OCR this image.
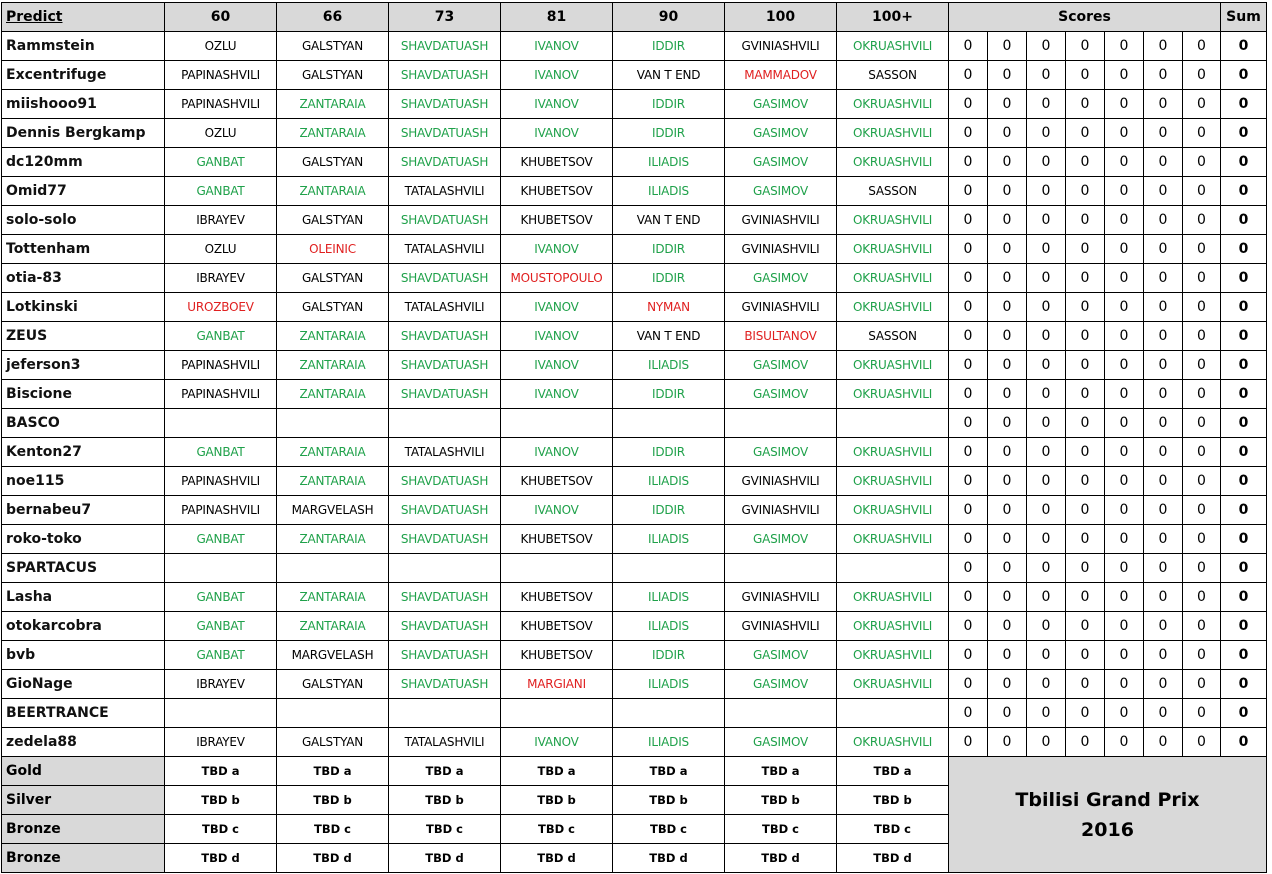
Predict	60	66	73	81	90	100	100+	Scores							Sum
Rammstein	OZLU	GALSTYAN	SHAVDATUASH	IVANOV	IDDIR	GVINIASHVILI	OKRUASHVILI	0	0	0	0	0	0	0	0
Excentrifuge	PAPINASHVILI	GALSTYAN	SHAVDATUASH	IVANOV	VAN T END	MAMMADOV	SASSON	0	0	0	0	0	0	0	0
miishooo91	PAPINASHVILI	ZANTARAIA	SHAVDATUASH	IVANOV	IDDIR	GASIMOV	OKRUASHVILI	0	0	0	0	0	0	0	0
Dennis Bergkamp	OZLU	ZANTARAIA	SHAVDATUASH	IVANOV	IDDIR	GASIMOV	OKRUASHVILI	0	0	0	0	0	0	0	0
dc120mm	GANBAT	GALSTYAN	SHAVDATUASH	KHUBETSOV	ILIADIS	GASIMOV	OKRUASHVILI	0	0	0	0	0	0	0	0
Omid77	GANBAT	ZANTARAIA	TATALASHVILI	KHUBETSOV	ILIADIS	GASIMOV	SASSON	0	0	0	0	0	0	0	0
solo-solo	IBRAYEV	GALSTYAN	SHAVDATUASH	KHUBETSOV	VAN T END	GVINIASHVILI	OKRUASHVILI	0	0	0	0	0	0	0	0
Tottenham	OZLU	OLEINIC	TATALASHVILI	IVANOV	IDDIR	GVINIASHVILI	OKRUASHVILI	0	0	0	0	0	0	0	0
otia-83	IBRAYEV	GALSTYAN	SHAVDATUASH	MOUSTOPOULO	IDDIR	GASIMOV	OKRUASHVILI	0	0	0	0	0	0	0	0
Lotkinski	UROZBOEV	GALSTYAN	TATALASHVILI	IVANOV	NYMAN	GVINIASHVILI	OKRUASHVILI	0	0	0	0	0	0	0	0
ZEUS	GANBAT	ZANTARAIA	SHAVDATUASH	IVANOV	VAN T END	BISULTANOV	SASSON	0	0	0	0	0	0	0	0
jeferson3	PAPINASHVILI	ZANTARAIA	SHAVDATUASH	IVANOV	ILIADIS	GASIMOV	OKRUASHVILI	0	0	0	0	0	0	0	0
Biscione	PAPINASHVILI	ZANTARAIA	SHAVDATUASH	IVANOV	IDDIR	GASIMOV	OKRUASHVILI	0	0	0	0	0	0	0	0
BASCO								0	0	0	0	0	0	0	0
Kenton27	GANBAT	ZANTARAIA	TATALASHVILI	IVANOV	IDDIR	GASIMOV	OKRUASHVILI	0	0	0	0	0	0	0	0
noe115	PAPINASHVILI	ZANTARAIA	SHAVDATUASH	KHUBETSOV	ILIADIS	GVINIASHVILI	OKRUASHVILI	0	0	0	0	0	0	0	0
bernabeu7	PAPINASHVILI	MARGVELASH	SHAVDATUASH	IVANOV	IDDIR	GVINIASHVILI	OKRUASHVILI	0	0	0	0	0	0	0	0
roko-toko	GANBAT	ZANTARAIA	SHAVDATUASH	KHUBETSOV	ILIADIS	GASIMOV	OKRUASHVILI	0	0	0	0	0	0	0	0
SPARTACUS								0	0	0	0	0	0	0	0
Lasha	GANBAT	ZANTARAIA	SHAVDATUASH	KHUBETSOV	ILIADIS	GVINIASHVILI	OKRUASHVILI	0	0	0	0	0	0	0	0
otokarcobra	GANBAT	ZANTARAIA	SHAVDATUASH	KHUBETSOV	ILIADIS	GVINIASHVILI	OKRUASHVILI	0	0	0	0	0	0	0	0
bvb	GANBAT	MARGVELASH	SHAVDATUASH	KHUBETSOV	IDDIR	GASIMOV	OKRUASHVILI	0	0	0	0	0	0	0	0
GioNage	IBRAYEV	GALSTYAN	SHAVDATUASH	MARGIANI	ILIADIS	GASIMOV	OKRUASHVILI	0	0	0	0	0	0	0	0
BEERTRANCE								0	0	0	0	0	0	0	0
zedela88	IBRAYEV	GALSTYAN	TATALASHVILI	IVANOV	ILIADIS	GASIMOV	OKRUASHVILI	0	0	0	0	0	0	0	0
Gold	TBD a	TBD a	TBD a	TBD a	TBD a	TBD a	TBD a	Tbilisi Grand Prix
2016							

Silver	TBD b	TBD b	TBD b	TBD b	TBD b	TBD b	TBD b								
Bronze	TBD c	TBD c	TBD c	TBD c	TBD c	TBD c	TBD c								
Bronze	TBD d	TBD d	TBD d	TBD d	TBD d	TBD d	TBD d								
